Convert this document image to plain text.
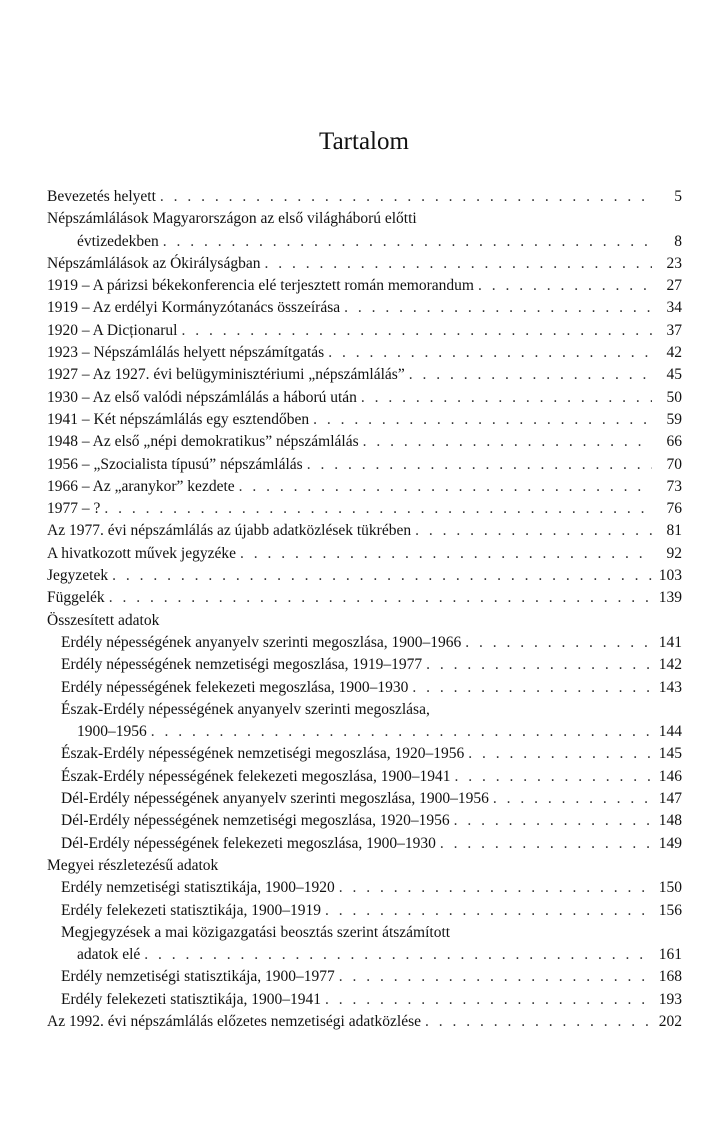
Tartalom
Bevezetés helyett . . .	5
Népszámlálások Magyarországon az első világháború előtti
évtizedekben . . .	8
Népszámlálások az Ókirályságban . . .	23
1919 – A párizsi békekonferencia elé terjesztett román memorandum . . .	27
1919 – Az erdélyi Kormányzótanács összeírása . . .	34
1920 – A Dicționarul . . .	37
1923 – Népszámlálás helyett népszámítgatás . . .	42
1927 – Az 1927. évi belügyminisztériumi „népszámlálás” . . .	45
1930 – Az első valódi népszámlálás a háború után . . .	50
1941 – Két népszámlálás egy esztendőben . . .	59
1948 – Az első „népi demokratikus” népszámlálás . . .	66
1956 – „Szocialista típusú” népszámlálás . . .	70
1966 – Az „aranykor” kezdete . . .	73
1977 – ? . . .	76
Az 1977. évi népszámlálás az újabb adatközlések tükrében . . .	81
A hivatkozott művek jegyzéke . . .	92
Jegyzetek . . .	103
Függelék . . .	139
Összesített adatok
Erdély népességének anyanyelv szerinti megoszlása, 1900–1966 . . .	141
Erdély népességének nemzetiségi megoszlása, 1919–1977 . . .	142
Erdély népességének felekezeti megoszlása, 1900–1930 . . .	143
Észak-Erdély népességének anyanyelv szerinti megoszlása,
1900–1956 . . .	144
Észak-Erdély népességének nemzetiségi megoszlása, 1920–1956 . . .	145
Észak-Erdély népességének felekezeti megoszlása, 1900–1941 . . .	146
Dél-Erdély népességének anyanyelv szerinti megoszlása, 1900–1956 . . .	147
Dél-Erdély népességének nemzetiségi megoszlása, 1920–1956 . . .	148
Dél-Erdély népességének felekezeti megoszlása, 1900–1930 . . .	149
Megyei részletezésű adatok
Erdély nemzetiségi statisztikája, 1900–1920 . . .	150
Erdély felekezeti statisztikája, 1900–1919 . . .	156
Megjegyzések a mai közigazgatási beosztás szerint átszámított
adatok elé . . .	161
Erdély nemzetiségi statisztikája, 1900–1977 . . .	168
Erdély felekezeti statisztikája, 1900–1941 . . .	193
Az 1992. évi népszámlálás előzetes nemzetiségi adatközlése . . .	202
